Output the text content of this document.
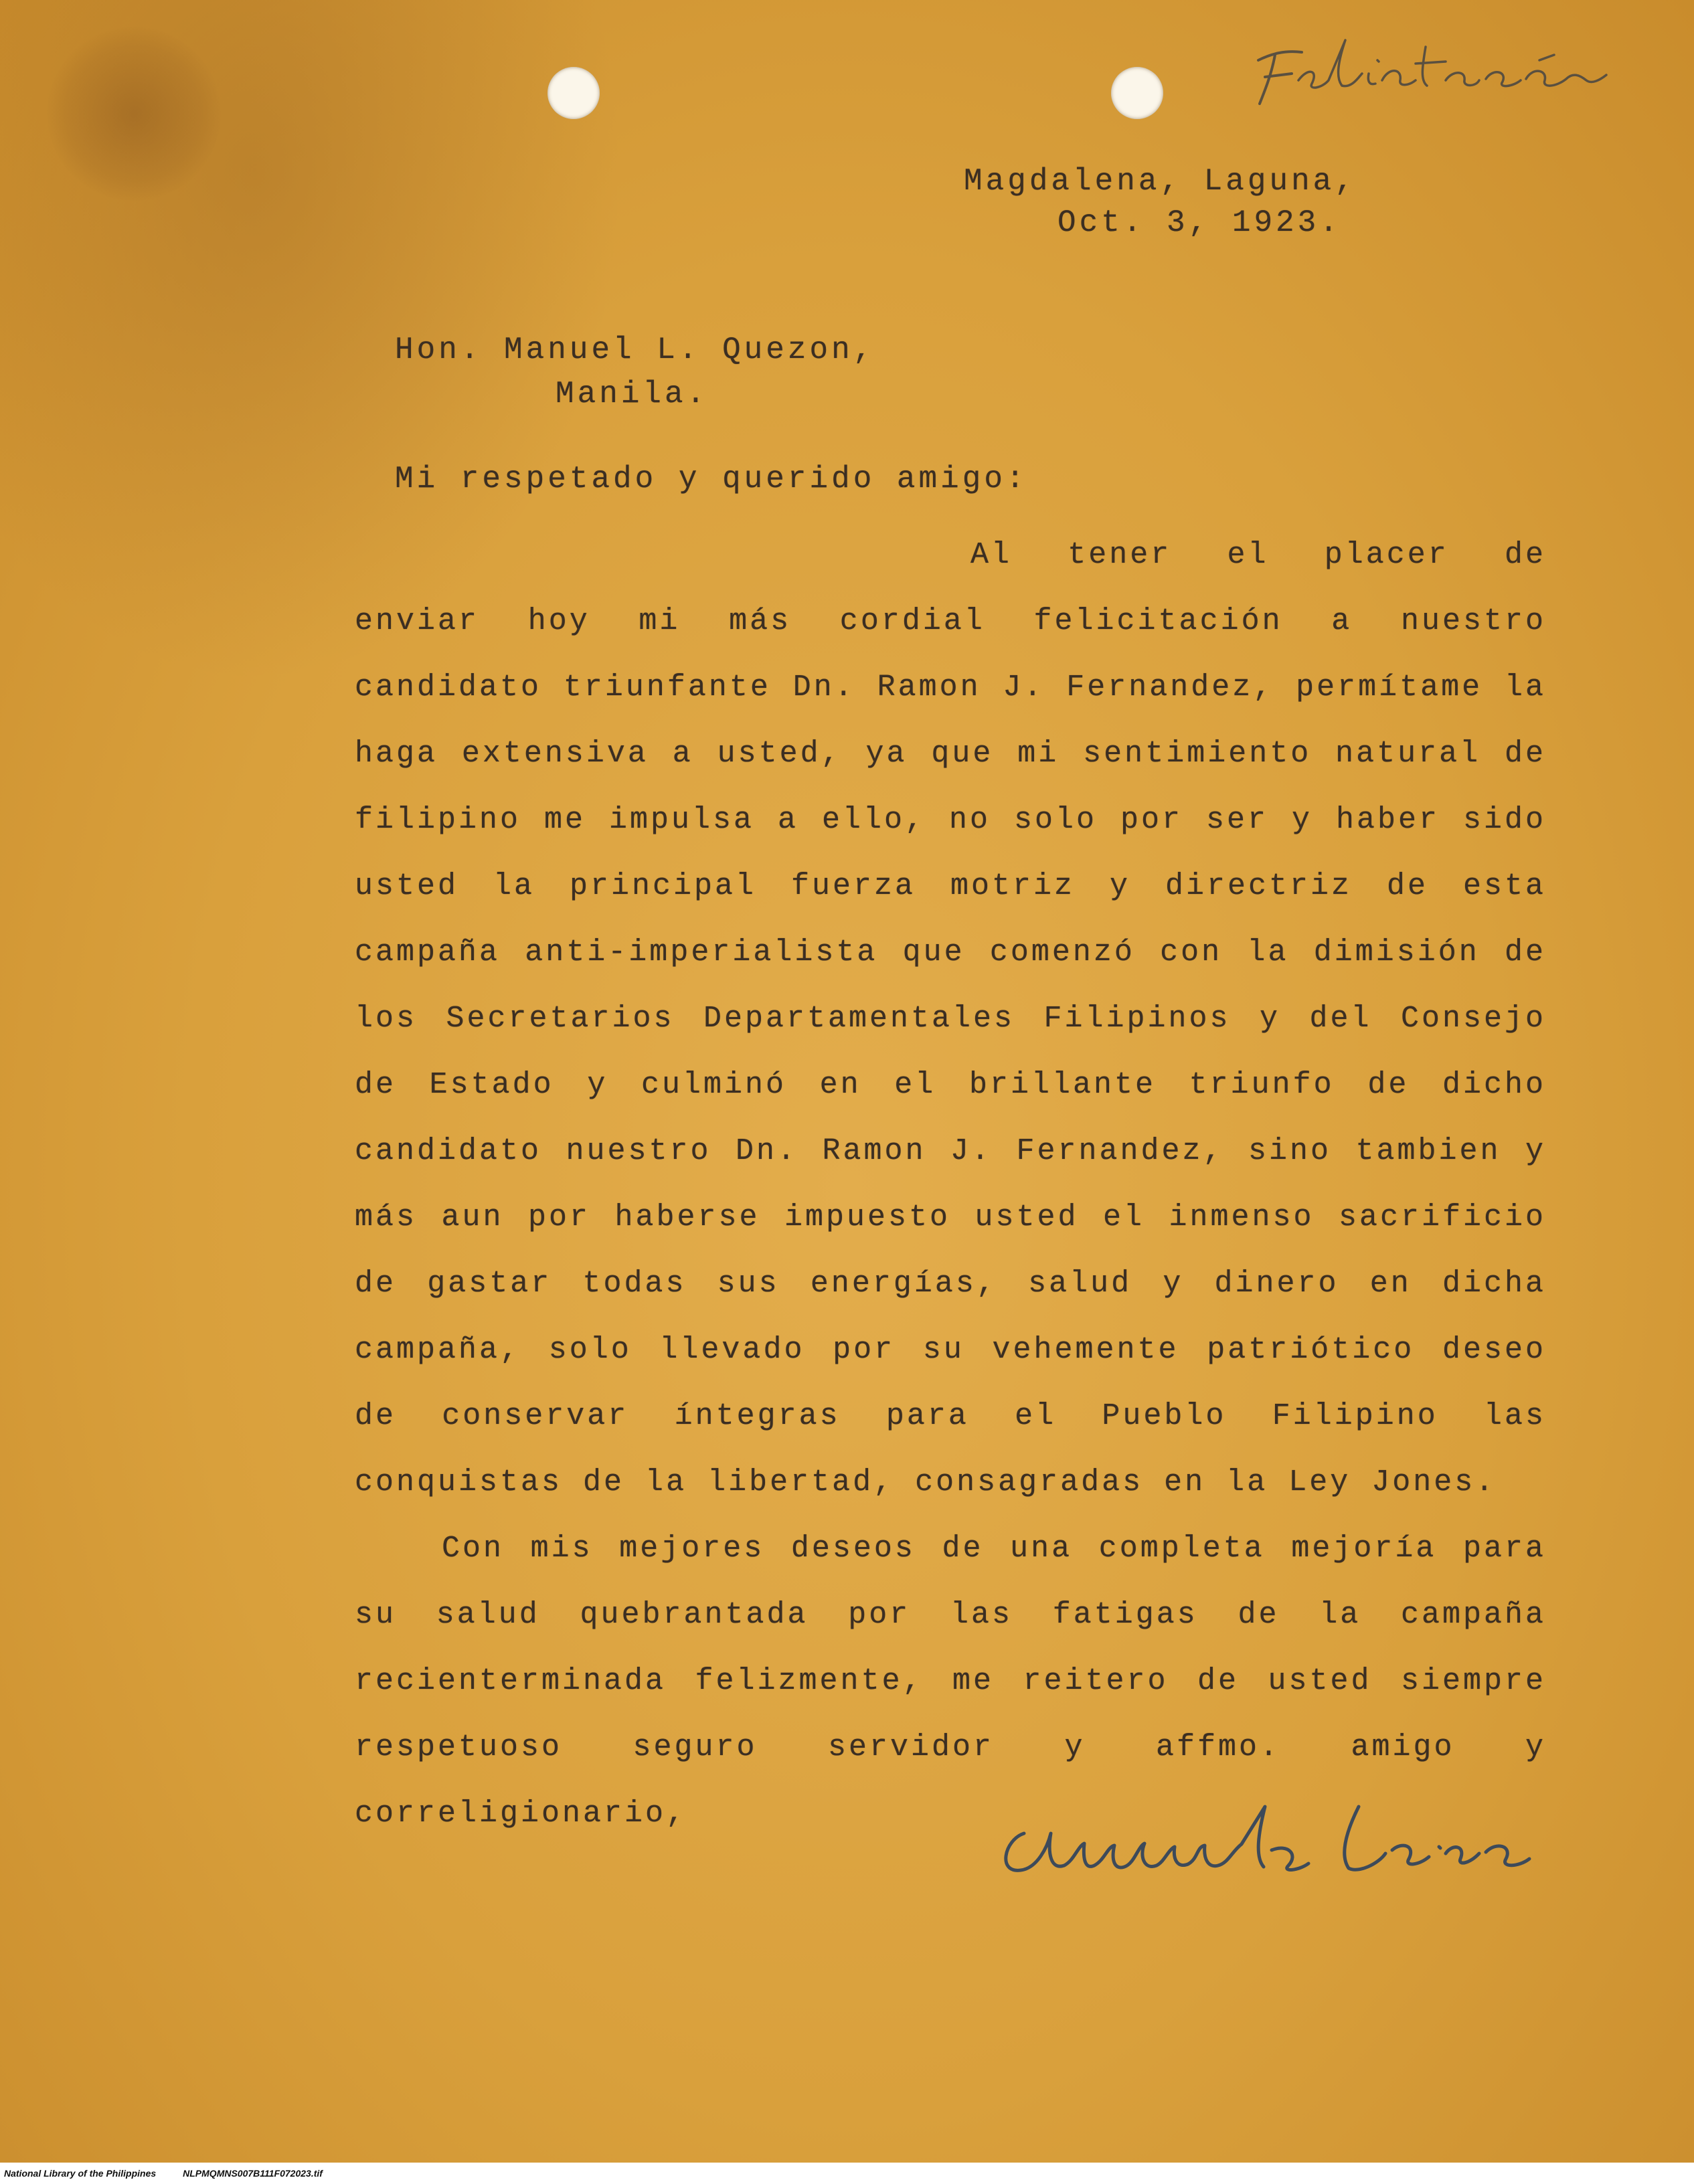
Felicitación
Magdalena, Laguna,
Oct. 3, 1923.
Hon. Manuel L. Quezon,
Manila.
Mi respetado y querido amigo:

Al tener el placer de enviar hoy mi más cordial felicitación a nuestro candidato triunfante Dn. Ramon J. Fernandez, permítame la haga extensiva a usted, ya que mi sentimiento natural de filipino me impulsa a ello, no solo por ser y haber sido usted la principal fuerza motriz y directriz de esta campaña anti-imperialista que comenzó con la dimisión de los Secretarios Departamentales Filipinos y del Consejo de Estado y culminó en el brillante triunfo de dicho candidato nuestro Dn. Ramon J. Fernandez, sino tambien y más aun por haberse impuesto usted el inmenso sacrificio de gastar todas sus energías, salud y dinero en dicha campaña, solo llevado por su vehemente patriótico deseo de conservar íntegras para el Pueblo Filipino las conquistas de la libertad, consagradas en la Ley Jones.

Con mis mejores deseos de una completa mejoría para su salud quebrantada por las fatigas de la campaña recienterminada felizmente, me reitero de usted siempre respetuoso seguro servidor y affmo. amigo y correligionario,

Ananias Laico
National Library of the Philippines	NLPMQMNS007B111F072023.tif
